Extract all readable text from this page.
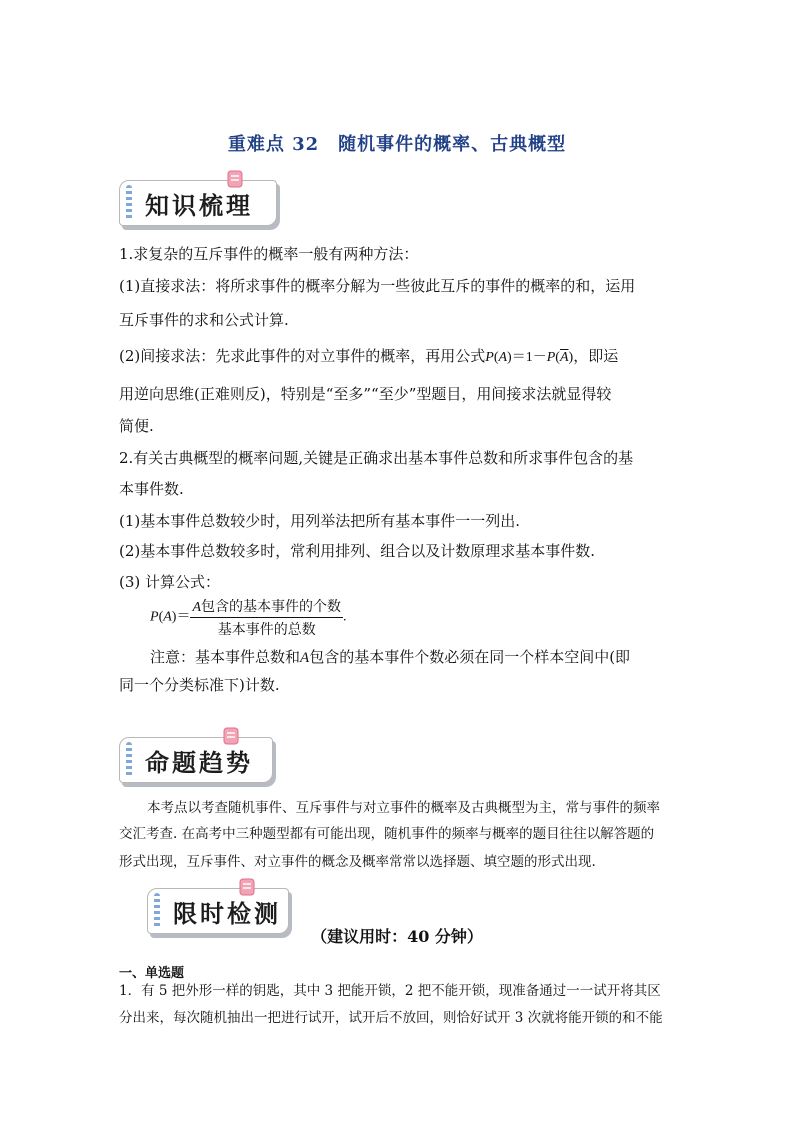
重难点 32　随机事件的概率、古典概型
知识梳理
1.求复杂的互斥事件的概率一般有两种方法：
(1)直接求法：将所求事件的概率分解为一些彼此互斥的事件的概率的和，运用
互斥事件的求和公式计算.
(2)间接求法：先求此事件的对立事件的概率，再用公式$P(A)=1-P(\overline{A})$，即运
用逆向思维(正难则反)，特别是“至多”“至少”型题目，用间接求法就显得较
简便.
2.有关古典概型的概率问题,关键是正确求出基本事件总数和所求事件包含的基
本事件数.
(1)基本事件总数较少时，用列举法把所有基本事件一一列出.
(2)基本事件总数较多时，常利用排列、组合以及计数原理求基本事件数.
(3) 计算公式：
$P(A)= \frac{\text{A包含的基本事件的个数}}{\text{基本事件的总数}}$ .
注意：基本事件总数和A包含的基本事件个数必须在同一个样本空间中(即
同一个分类标准下)计数.
命题趋势
本考点以考查随机事件、互斥事件与对立事件的概率及古典概型为主，常与事件的频率
交汇考查. 在高考中三种题型都有可能出现，随机事件的频率与概率的题目往往以解答题的
形式出现，互斥事件、对立事件的概念及概率常常以选择题、填空题的形式出现.
限时检测
（建议用时：40 分钟）
一、单选题
1．有 5 把外形一样的钥匙，其中 3 把能开锁，2 把不能开锁，现准备通过一一试开将其区
分出来，每次随机抽出一把进行试开，试开后不放回，则恰好试开 3 次就将能开锁的和不能
